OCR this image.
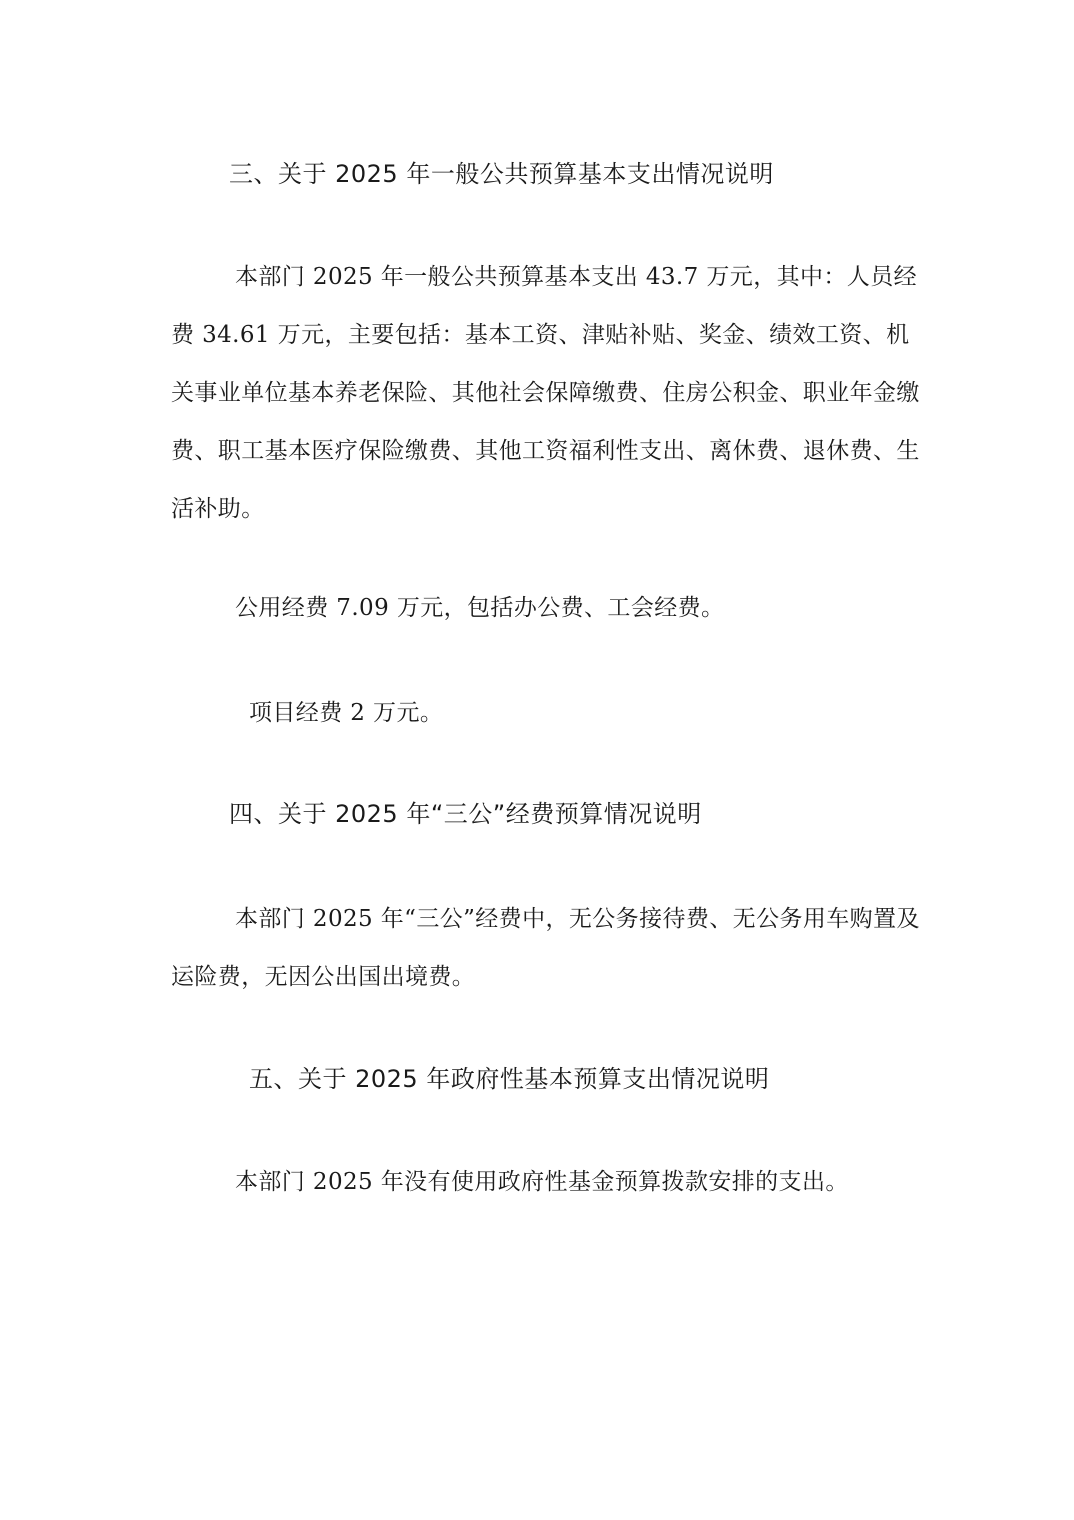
三、关于 2025 年一般公共预算基本支出情况说明

本部门 2025 年一般公共预算基本支出 43.7 万元，其中：人员经费 34.61 万元，主要包括：基本工资、津贴补贴、奖金、绩效工资、机关事业单位基本养老保险、其他社会保障缴费、住房公积金、职业年金缴费、职工基本医疗保险缴费、其他工资福利性支出、离休费、退休费、生活补助。

公用经费 7.09 万元，包括办公费、工会经费。

项目经费 2 万元。

四、关于 2025 年“三公”经费预算情况说明

本部门 2025 年“三公”经费中，无公务接待费、无公务用车购置及运险费，无因公出国出境费。

五、关于 2025 年政府性基本预算支出情况说明

本部门 2025 年没有使用政府性基金预算拨款安排的支出。
